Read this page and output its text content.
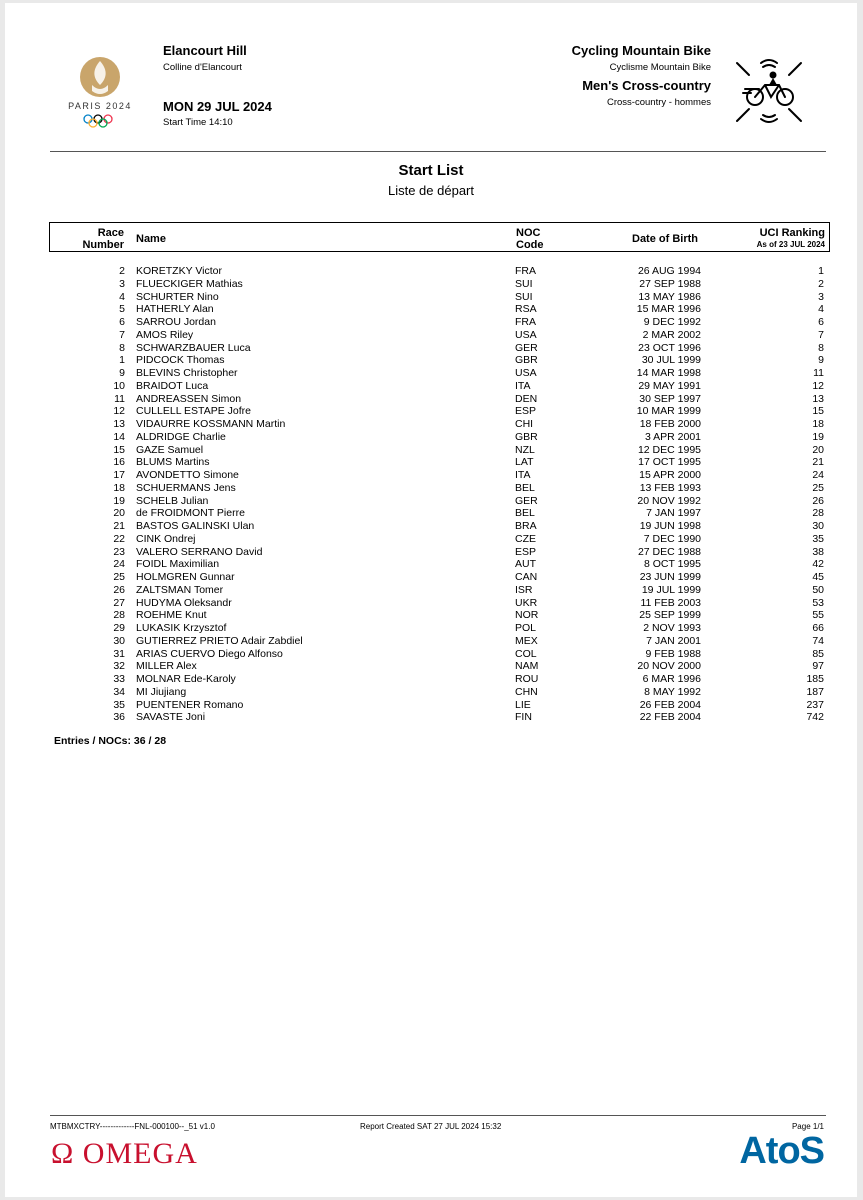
PARIS 2024
Elancourt Hill
Colline d'Elancourt
MON 29 JUL 2024
Start Time 14:10
Cycling Mountain Bike
Cyclisme Mountain Bike
Men's Cross-country
Cross-country - hommes
Start List
Liste de départ
Race
Number Name	NOC
Code	Date of Birth	UCI Ranking
As of 23 JUL 2024
2 KORETZKY Victor	FRA	26 AUG 1994	1
3 FLUECKIGER Mathias	SUI	27 SEP 1988	2
4 SCHURTER Nino	SUI	13 MAY 1986	3
5 HATHERLY Alan	RSA	15 MAR 1996	4
6 SARROU Jordan	FRA	9 DEC 1992	6
7 AMOS Riley	USA	2 MAR 2002	7
8 SCHWARZBAUER Luca	GER	23 OCT 1996	8
1 PIDCOCK Thomas	GBR	30 JUL 1999	9
9 BLEVINS Christopher	USA	14 MAR 1998	11
10 BRAIDOT Luca	ITA	29 MAY 1991	12
11 ANDREASSEN Simon	DEN	30 SEP 1997	13
12 CULLELL ESTAPE Jofre	ESP	10 MAR 1999	15
13 VIDAURRE KOSSMANN Martin	CHI	18 FEB 2000	18
14 ALDRIDGE Charlie	GBR	3 APR 2001	19
15 GAZE Samuel	NZL	12 DEC 1995	20
16 BLUMS Martins	LAT	17 OCT 1995	21
17 AVONDETTO Simone	ITA	15 APR 2000	24
18 SCHUERMANS Jens	BEL	13 FEB 1993	25
19 SCHELB Julian	GER	20 NOV 1992	26
20 de FROIDMONT Pierre	BEL	7 JAN 1997	28
21 BASTOS GALINSKI Ulan	BRA	19 JUN 1998	30
22 CINK Ondrej	CZE	7 DEC 1990	35
23 VALERO SERRANO David	ESP	27 DEC 1988	38
24 FOIDL Maximilian	AUT	8 OCT 1995	42
25 HOLMGREN Gunnar	CAN	23 JUN 1999	45
26 ZALTSMAN Tomer	ISR	19 JUL 1999	50
27 HUDYMA Oleksandr	UKR	11 FEB 2003	53
28 ROEHME Knut	NOR	25 SEP 1999	55
29 LUKASIK Krzysztof	POL	2 NOV 1993	66
30 GUTIERREZ PRIETO Adair Zabdiel	MEX	7 JAN 2001	74
31 ARIAS CUERVO Diego Alfonso	COL	9 FEB 1988	85
32 MILLER Alex	NAM	20 NOV 2000	97
33 MOLNAR Ede-Karoly	ROU	6 MAR 1996	185
34 MI Jiujiang	CHN	8 MAY 1992	187
35 PUENTENER Romano	LIE	26 FEB 2004	237
36 SAVASTE Joni	FIN	22 FEB 2004	742
Entries / NOCs: 36 / 28
MTBMXCTRY-------------FNL-000100--_51 v1.0	Report Created SAT 27 JUL 2024 15:32	Page 1/1
Ω OMEGA	AtoS
